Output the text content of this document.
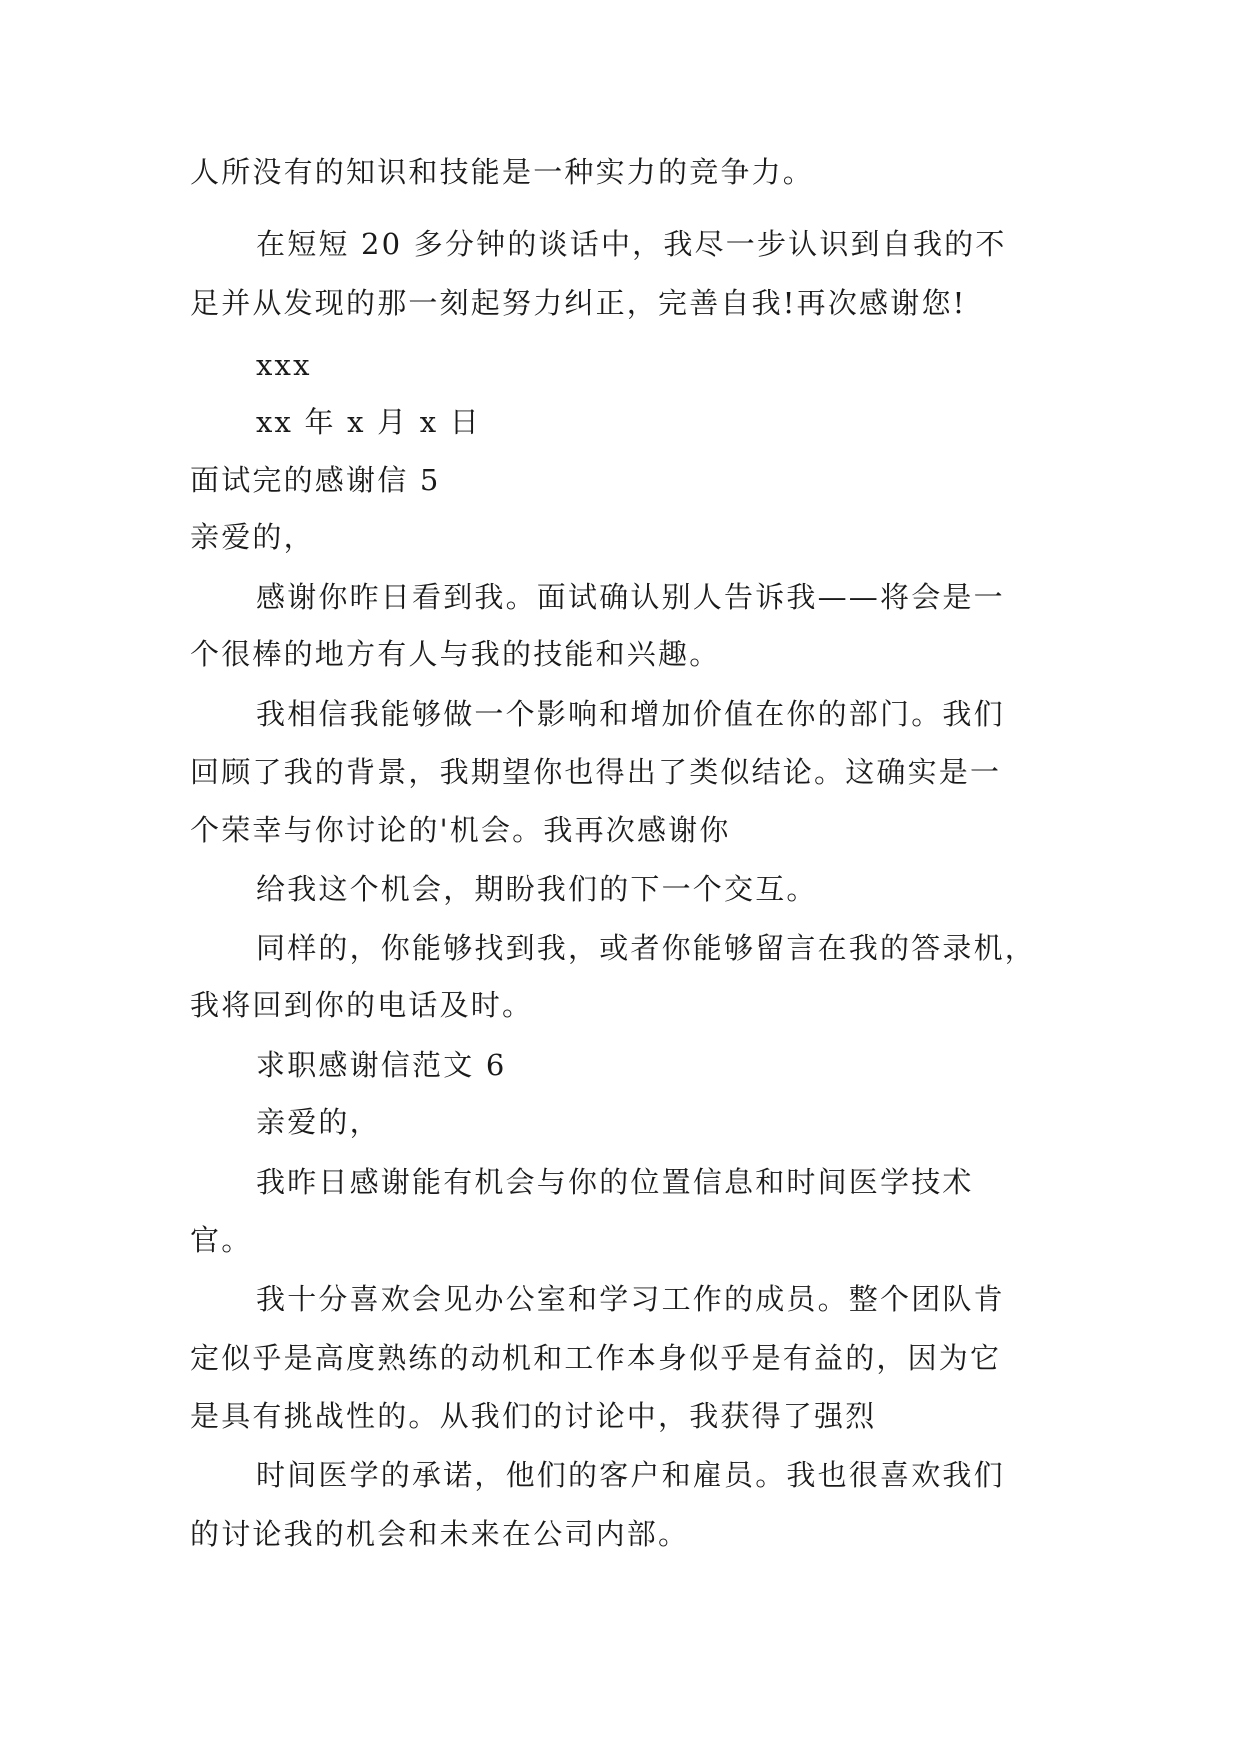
人所没有的知识和技能是一种实力的竞争力。

在短短 20 多分钟的谈话中，我尽一步认识到自我的不

足并从发现的那一刻起努力纠正，完善自我!再次感谢您!

xxx

xx 年 x 月 x 日

面试完的感谢信 5

亲爱的，

感谢你昨日看到我。面试确认别人告诉我——将会是一

个很棒的地方有人与我的技能和兴趣。

我相信我能够做一个影响和增加价值在你的部门。我们

回顾了我的背景，我期望你也得出了类似结论。这确实是一

个荣幸与你讨论的'机会。我再次感谢你

给我这个机会，期盼我们的下一个交互。

同样的，你能够找到我，或者你能够留言在我的答录机，

我将回到你的电话及时。

求职感谢信范文 6

亲爱的，

我昨日感谢能有机会与你的位置信息和时间医学技术

官。

我十分喜欢会见办公室和学习工作的成员。整个团队肯

定似乎是高度熟练的动机和工作本身似乎是有益的，因为它

是具有挑战性的。从我们的讨论中，我获得了强烈

时间医学的承诺，他们的客户和雇员。我也很喜欢我们

的讨论我的机会和未来在公司内部。
